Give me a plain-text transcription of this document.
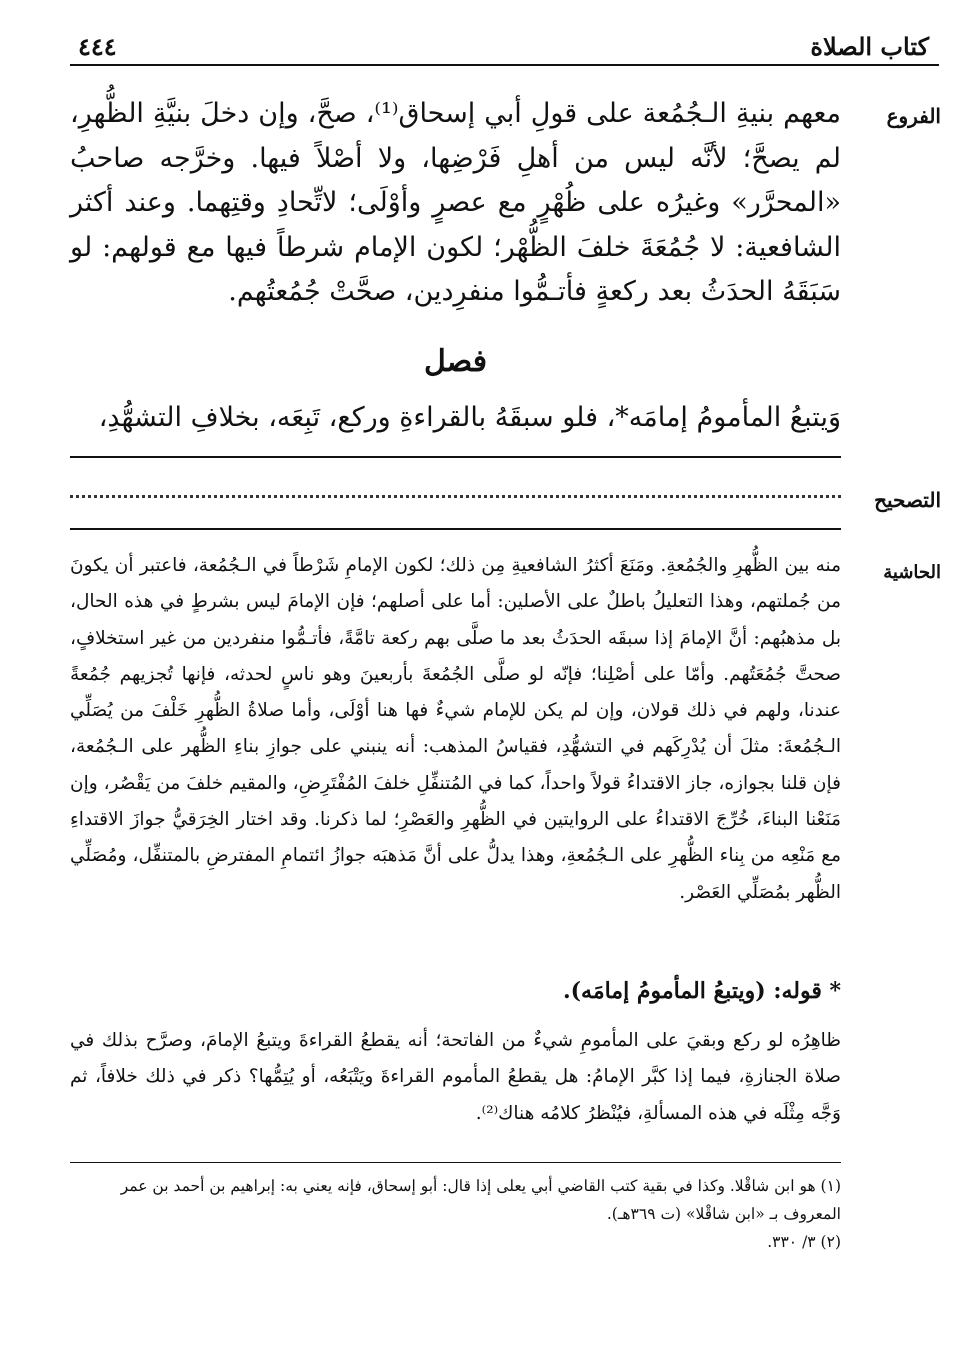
كتاب الصلاة
٤٤٤
الفروع

معهم بنيةِ الـجُمُعة على قولِ أبي إسحاق⁽¹⁾، صحَّ، وإن دخلَ بنيَّةِ الظُّهرِ، لم يصحَّ؛ لأنَّه ليس من أهلِ فَرْضِها، ولا أصْلاً فيها. وخرَّجه صاحبُ «المحرَّر» وغيرُه على ظُهْرٍ مع عصرٍ وأوْلَى؛ لاتِّحادِ وقتِهما. وعند أكثر الشافعية: لا جُمُعَةَ خلفَ الظُّهْر؛ لكون الإمام شرطاً فيها مع قولهم: لو سَبَقَهُ الحدَثُ بعد ركعةٍ فأتـمُّوا منفرِدين، صحَّتْ جُمُعتُهم.

فصل

وَيتبعُ المأمومُ إمامَه*، فلو سبقَهُ بالقراءةِ وركع، تَبِعَه، بخلافِ التشهُّدِ،

التصحيح
الحاشية

منه بين الظُّهرِ والجُمُعةِ. ومَنَعَ أكثرُ الشافعيةِ مِن ذلك؛ لكون الإمامِ شَرْطاً في الـجُمُعة، فاعتبر أن يكونَ من جُملتهم، وهذا التعليلُ باطلٌ على الأصلين: أما على أصلهم؛ فإن الإمامَ ليس بشرطٍ في هذه الحال، بل مذهبُهم: أنَّ الإمامَ إذا سبقَه الحدَثُ بعد ما صلَّى بهم ركعة تامَّةً، فأتـمُّوا منفردين من غير استخلافٍ، صحتَّ جُمُعَتُهم. وأمّا على أصْلِنا؛ فإنّه لو صلَّى الجُمُعةَ بأربعينَ وهو ناسٍ لحدثه، فإنها تُجزيهم جُمُعةً عندنا، ولهم في ذلك قولان، وإن لم يكن للإمام شيءٌ فها هنا أوْلَى، وأما صلاةُ الظُّهرِ خَلْفَ من يُصَلِّي الـجُمُعةَ: مثلَ أن يُدْرِكَهم في التشهُّدِ، فقياسُ المذهب: أنه ينبني على جوازِ بناءِ الظُّهر على الـجُمُعة، فإن قلنا بجوازه، جاز الاقتداءُ قولاً واحداً، كما في المُتنفِّلِ خلفَ المُفْتَرِضِ، والمقيم خلفَ من يَقْصُر، وإن مَنَعْنا البناءَ، خُرِّجَ الاقتداءُ على الروايتين في الظُّهرِ والعَصْرِ؛ لما ذكرنا. وقد اختار الخِرَقيُّ جوازَ الاقتداءِ مع مَنْعِه من بِناء الظُّهرِ على الـجُمُعةِ، وهذا يدلُّ على أنَّ مَذهبَه جوازُ ائتمامِ المفترضِ بالمتنفِّل، ومُصَلِّي الظُّهر بمُصَلِّي العَصْر.

* قوله: (ويتبعُ المأمومُ إمامَه).

ظاهِرُه لو ركع وبقيَ على المأمومِ شيءٌ من الفاتحة؛ أنه يقطعُ القراءةَ ويتبعُ الإمامَ، وصرَّح بذلك في صلاة الجنازةِ، فيما إذا كبَّر الإمامُ: هل يقطعُ المأموم القراءةَ ويَتْبَعُه، أو يُتِمُّها؟ ذكر في ذلك خلافاً، ثم وَجَّه مِثْلَه في هذه المسألةِ، فيُنْظرُ كلامُه هناك⁽²⁾.

(١) هو ابن شاقْلا. وكذا في بقية كتب القاضي أبي يعلى إذا قال: أبو إسحاق، فإنه يعني به: إبراهيم بن أحمد بن عمر المعروف بـ «ابن شاقْلا» (ت ٣٦٩هـ).

(٢) ٣/ ٣٣٠.
